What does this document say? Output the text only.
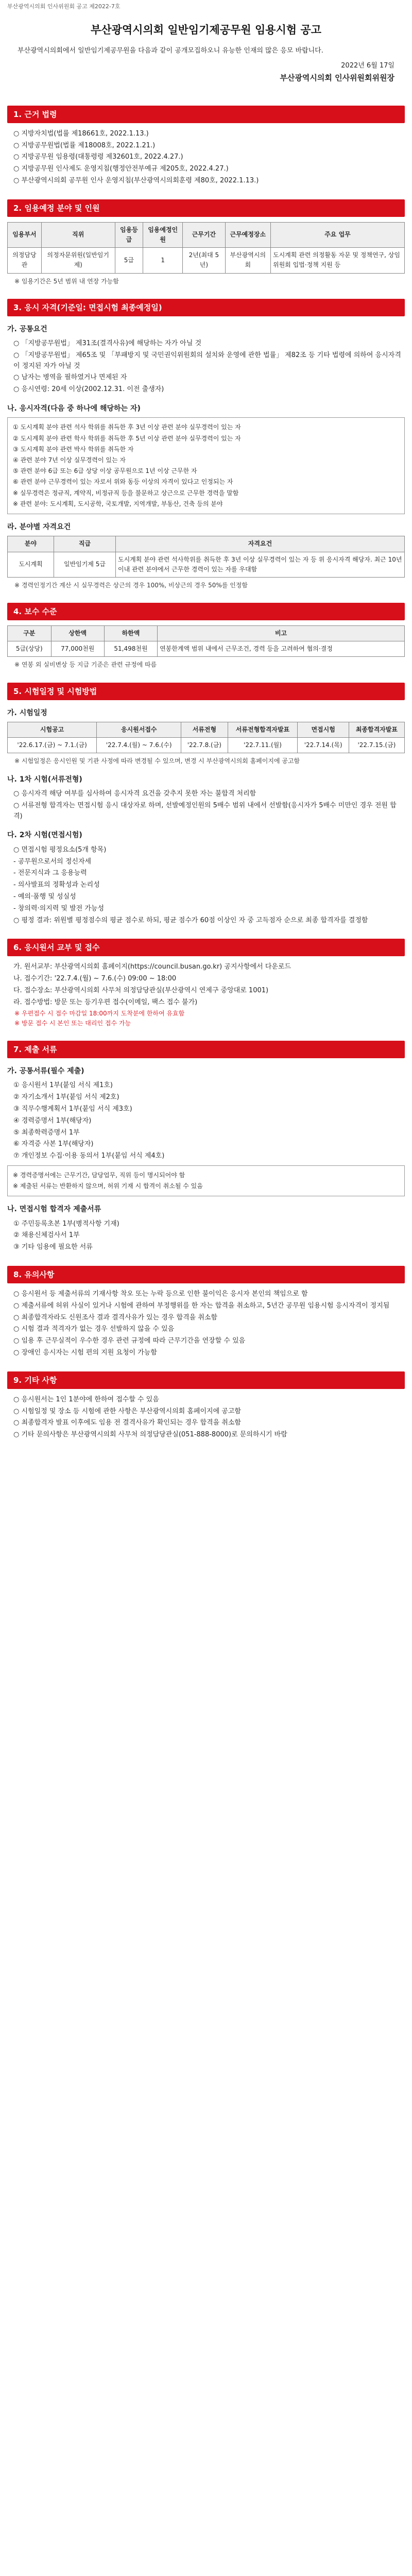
부산광역시의회 인사위원회 공고 제2022-7호
부산광역시의회 일반임기제공무원 임용시험 공고

부산광역시의회에서 일반임기제공무원을 다음과 같이 공개모집하오니 유능한 인재의 많은 응모 바랍니다.

2022년 6월 17일
부산광역시의회 인사위원회위원장
1. 근거 법령
○ 지방자치법(법률 제18661호, 2022.1.13.)
○ 지방공무원법(법률 제18008호, 2022.1.21.)
○ 지방공무원 임용령(대통령령 제32601호, 2022.4.27.)
○ 지방공무원 인사제도 운영지침(행정안전부예규 제205호, 2022.4.27.)
○ 부산광역시의회 공무원 인사 운영지침(부산광역시의회훈령 제80호, 2022.1.13.)
2. 임용예정 분야 및 인원
임용부서	직위	임용등급	임용예정인원	근무기간	근무예정장소	주요 업무
의정담당관	의정자문위원(일반임기제)	5급	1	2년(최대 5년)	부산광역시의회	도시계획 관련 의정활동 자문 및 정책연구, 상임위원회 입법·정책 지원 등

※ 임용기간은 5년 범위 내 연장 가능함

3. 응시 자격(기준일: 면접시험 최종예정일)
가. 공통요건
○ 「지방공무원법」 제31조(결격사유)에 해당하는 자가 아닐 것
○ 「지방공무원법」 제65조 및 「부패방지 및 국민권익위원회의 설치와 운영에 관한 법률」 제82조 등 기타 법령에 의하여 응시자격이 정지된 자가 아닐 것
○ 남자는 병역을 필하였거나 면제된 자
○ 응시연령: 20세 이상(2002.12.31. 이전 출생자)
나. 응시자격(다음 중 하나에 해당하는 자)

① 도시계획 분야 관련 석사 학위를 취득한 후 3년 이상 관련 분야 실무경력이 있는 자

② 도시계획 분야 관련 학사 학위를 취득한 후 5년 이상 관련 분야 실무경력이 있는 자

③ 도시계획 분야 관련 박사 학위를 취득한 자

④ 관련 분야 7년 이상 실무경력이 있는 자

⑤ 관련 분야 6급 또는 6급 상당 이상 공무원으로 1년 이상 근무한 자

⑥ 관련 분야 근무경력이 있는 자로서 위와 동등 이상의 자격이 있다고 인정되는 자

※ 실무경력은 정규직, 계약직, 비정규직 등을 불문하고 상근으로 근무한 경력을 말함

※ 관련 분야: 도시계획, 도시공학, 국토개발, 지역개발, 부동산, 건축 등의 분야

라. 분야별 자격요건
분야	직급	자격요건
도시계획	일반임기제 5급	도시계획 분야 관련 석사학위를 취득한 후 3년 이상 실무경력이 있는 자 등 위 응시자격 해당자. 최근 10년 이내 관련 분야에서 근무한 경력이 있는 자를 우대함

※ 경력인정기간 계산 시 실무경력은 상근의 경우 100%, 비상근의 경우 50%를 인정함

4. 보수 수준
구분	상한액	하한액	비고
5급(상당)	77,000천원	51,498천원	연봉한계액 범위 내에서 근무조건, 경력 등을 고려하여 협의·결정

※ 연봉 외 실비변상 등 지급 기준은 관련 규정에 따름

5. 시험일정 및 시험방법
가. 시험일정
시험공고	응시원서접수	서류전형	서류전형합격자발표	면접시험	최종합격자발표
'22.6.17.(금) ~ 7.1.(금)	'22.7.4.(월) ~ 7.6.(수)	'22.7.8.(금)	'22.7.11.(월)	'22.7.14.(목)	'22.7.15.(금)

※ 시험일정은 응시인원 및 기관 사정에 따라 변경될 수 있으며, 변경 시 부산광역시의회 홈페이지에 공고함

나. 1차 시험(서류전형)
○ 응시자격 해당 여부를 심사하여 응시자격 요건을 갖추지 못한 자는 불합격 처리함
○ 서류전형 합격자는 면접시험 응시 대상자로 하며, 선발예정인원의 5배수 범위 내에서 선발함(응시자가 5배수 미만인 경우 전원 합격)
다. 2차 시험(면접시험)
○ 면접시험 평정요소(5개 항목)
- 공무원으로서의 정신자세
- 전문지식과 그 응용능력
- 의사발표의 정확성과 논리성
- 예의·품행 및 성실성
- 창의력·의지력 및 발전 가능성
○ 평정 결과: 위원별 평정점수의 평균 점수로 하되, 평균 점수가 60점 이상인 자 중 고득점자 순으로 최종 합격자를 결정함
6. 응시원서 교부 및 접수
가. 원서교부: 부산광역시의회 홈페이지(https://council.busan.go.kr) 공지사항에서 다운로드
나. 접수기간: '22.7.4.(월) ~ 7.6.(수) 09:00 ~ 18:00
다. 접수장소: 부산광역시의회 사무처 의정담당관실(부산광역시 연제구 중앙대로 1001)
라. 접수방법: 방문 또는 등기우편 접수(이메일, 팩스 접수 불가)

※ 우편접수 시 접수 마감일 18:00까지 도착분에 한하여 유효함

※ 방문 접수 시 본인 또는 대리인 접수 가능

7. 제출 서류
가. 공통서류(필수 제출)
① 응시원서 1부(붙임 서식 제1호)
② 자기소개서 1부(붙임 서식 제2호)
③ 직무수행계획서 1부(붙임 서식 제3호)
④ 경력증명서 1부(해당자)
⑤ 최종학력증명서 1부
⑥ 자격증 사본 1부(해당자)
⑦ 개인정보 수집·이용 동의서 1부(붙임 서식 제4호)

※ 경력증명서에는 근무기간, 담당업무, 직위 등이 명시되어야 함

※ 제출된 서류는 반환하지 않으며, 허위 기재 시 합격이 취소될 수 있음

나. 면접시험 합격자 제출서류
① 주민등록초본 1부(병적사항 기재)
② 채용신체검사서 1부
③ 기타 임용에 필요한 서류
8. 유의사항
○ 응시원서 등 제출서류의 기재사항 착오 또는 누락 등으로 인한 불이익은 응시자 본인의 책임으로 함
○ 제출서류에 허위 사실이 있거나 시험에 관하여 부정행위를 한 자는 합격을 취소하고, 5년간 공무원 임용시험 응시자격이 정지됨
○ 최종합격자라도 신원조사 결과 결격사유가 있는 경우 합격을 취소함
○ 시험 결과 적격자가 없는 경우 선발하지 않을 수 있음
○ 임용 후 근무실적이 우수한 경우 관련 규정에 따라 근무기간을 연장할 수 있음
○ 장애인 응시자는 시험 편의 지원 요청이 가능함
9. 기타 사항
○ 응시원서는 1인 1분야에 한하여 접수할 수 있음
○ 시험일정 및 장소 등 시험에 관한 사항은 부산광역시의회 홈페이지에 공고함
○ 최종합격자 발표 이후에도 임용 전 결격사유가 확인되는 경우 합격을 취소함
○ 기타 문의사항은 부산광역시의회 사무처 의정담당관실(051-888-8000)로 문의하시기 바람
